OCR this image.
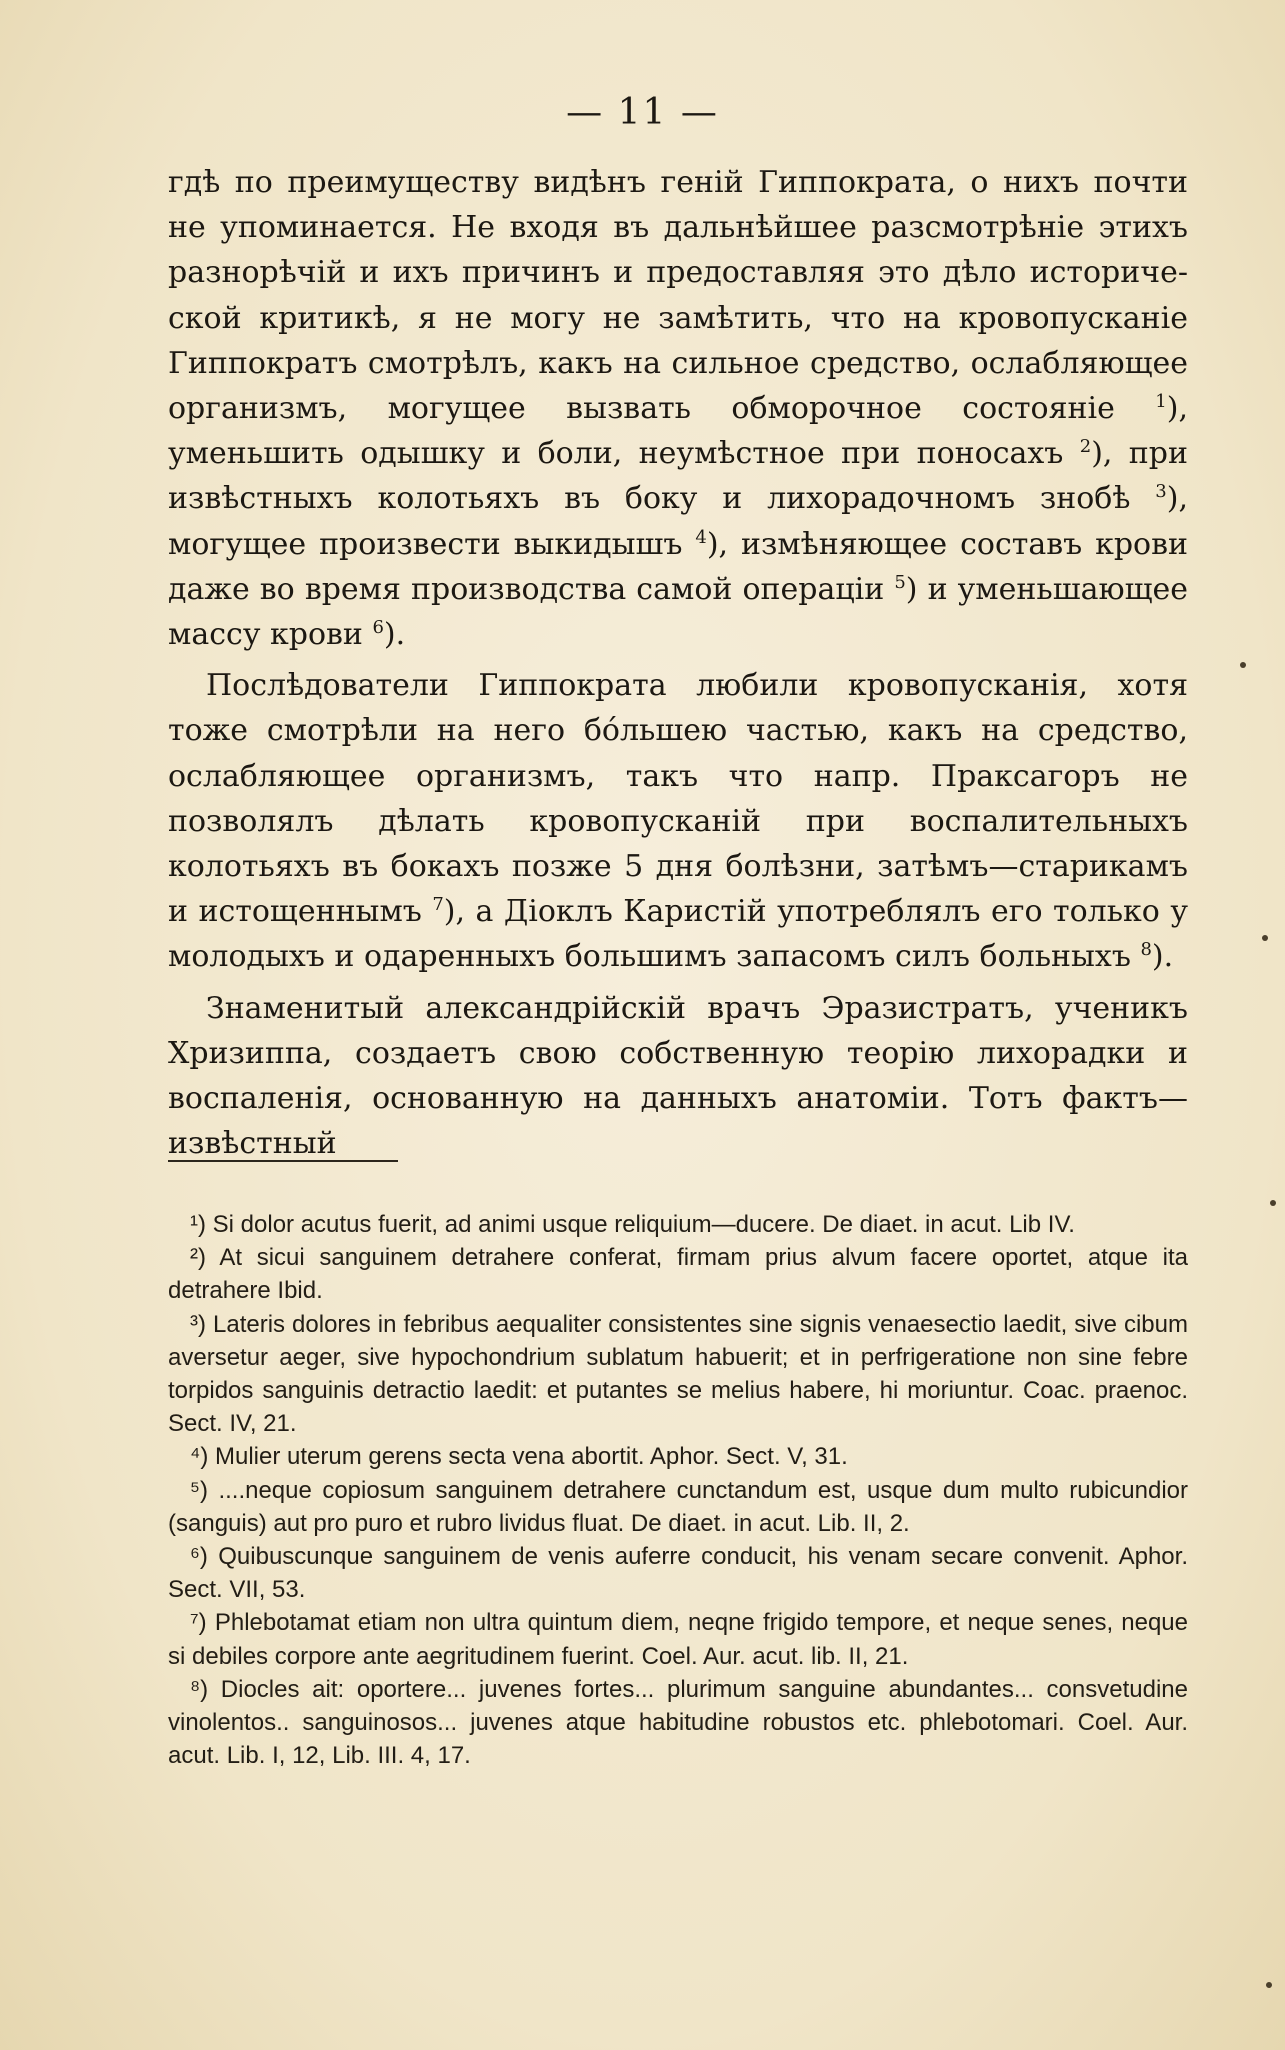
— 11 —

гдѣ по преимуществу видѣнъ генiй Гиппократа, о нихъ почти не упоминается. Не входя въ дальнѣйшее разсмотрѣнiе этихъ разнорѣчiй и ихъ причинъ и предоставляя это дѣло исторической критикѣ, я не могу не замѣтить, что на кровопусканiе Гиппократъ смотрѣлъ, какъ на сильное средство, ослабляющее организмъ, могущее вызвать обморочное состоянiе $^1$), уменьшить одышку и боли, неумѣстное при поносахъ $^2$), при извѣстныхъ колотьяхъ въ боку и лихорадочномъ знобѣ $^3$), могущее произвести выкидышъ $^4$), измѣняющее составъ крови даже во время производства самой операцiи $^5$) и уменьшающее массу крови $^6$).

Послѣдователи Гиппократа любили кровопусканiя, хотя тоже смотрѣли на него бóльшею частью, какъ на средство, ослабляющее организмъ, такъ что напр. Праксагоръ не позволялъ дѣлать кровопусканiй при воспалительныхъ колотьяхъ въ бокахъ позже 5 дня болѣзни, затѣмъ—старикамъ и истощеннымъ $^7$), а Дiоклъ Каристiй употреблялъ его только у молодыхъ и одаренныхъ большимъ запасомъ силъ больныхъ $^8$).

Знаменитый александрiйскiй врачъ Эразистратъ, ученикъ Хризиппа, создаетъ свою собственную теорiю лихорадки и воспаленiя, основанную на данныхъ анатомiи. Тотъ фактъ—извѣстный

¹) Si dolor acutus fuerit, ad animi usque reliquium—ducere. De diaet. in acut. Lib IV.
²) At sicui sanguinem detrahere conferat, firmam prius alvum facere oportet, atque ita detrahere Ibid.
³) Lateris dolores in febribus aequaliter consistentes sine signis venaesectio laedit, sive cibum aversetur aeger, sive hypochondrium sublatum habuerit; et in perfrigeratione non sine febre torpidos sanguinis detractio laedit: et putantes se melius habere, hi moriuntur. Coac. praenoc. Sect. IV, 21.
⁴) Mulier uterum gerens secta vena abortit. Aphor. Sect. V, 31.
⁵) ....neque copiosum sanguinem detrahere cunctandum est, usque dum multo rubicundior (sanguis) aut pro puro et rubro lividus fluat. De diaet. in acut. Lib. II, 2.
⁶) Quibuscunque sanguinem de venis auferre conducit, his venam secare convenit. Aphor. Sect. VII, 53.
⁷) Phlebotamat etiam non ultra quintum diem, neqne frigido temporе, et neque senes, neque si debiles corpore ante aegritudinem fuerint. Coel. Aur. acut. lib. II, 21.
⁸) Diocles ait: oportere... juvenes fortes... plurimum sanguine abundantes... consvetudine vinolentos.. sanguinosos... juvenes atque habitudine robustos etc. phlebotomari. Coel. Aur. acut. Lib. I, 12, Lib. III. 4, 17.
